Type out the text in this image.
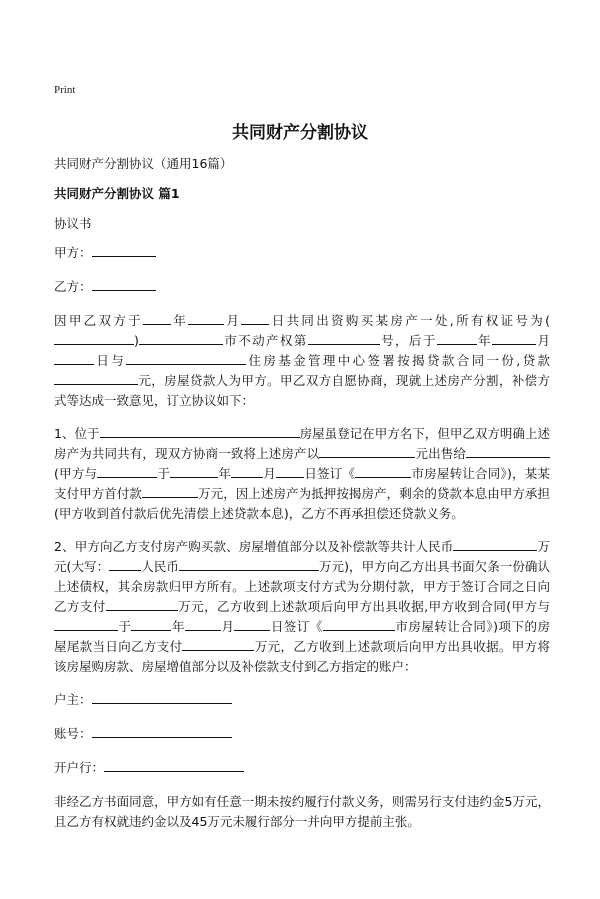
Print
共同财产分割协议

共同财产分割协议（通用16篇）

共同财产分割协议 篇1

协议书

甲方：

乙方：

因甲乙双方于 年	月 日共同出资购买某房产一处,所有权证号为()	市不动产权第	号，后于	年	月日与	住房基金管理中心签署按揭贷款合同一份,贷款元，房屋贷款人为甲方。甲乙双方自愿协商，现就上述房产分割，补偿方式等达成一致意见，订立协议如下：

1、位于	房屋虽登记在甲方名下，但甲乙双方明确上述房产为共同共有，现双方协商一致将上述房产以	元出售给(甲方与	于	年	月 日签订《	市房屋转让合同》)，某某支付甲方首付款	万元，因上述房产为抵押按揭房产，剩余的贷款本息由甲方承担(甲方收到首付款后优先清偿上述贷款本息)，乙方不再承担偿还贷款义务。

2、甲方向乙方支付房产购买款、房屋增值部分以及补偿款等共计人民币	万元(大写：	人民币	万元)，甲方向乙方出具书面欠条一份确认上述债权，其余房款归甲方所有。上述款项支付方式为分期付款，甲方于签订合同之日向乙方支付	万元，乙方收到上述款项后向甲方出具收据,甲方收到合同(甲方与于	年	月	日签订《	市房屋转让合同》)项下的房屋尾款当日向乙方支付	万元，乙方收到上述款项后向甲方出具收据。甲方将该房屋购房款、房屋增值部分以及补偿款支付到乙方指定的账户：

户主：

账号：

开户行：

非经乙方书面同意，甲方如有任意一期未按约履行付款义务，则需另行支付违约金5万元，且乙方有权就违约金以及45万元未履行部分一并向甲方提前主张。
